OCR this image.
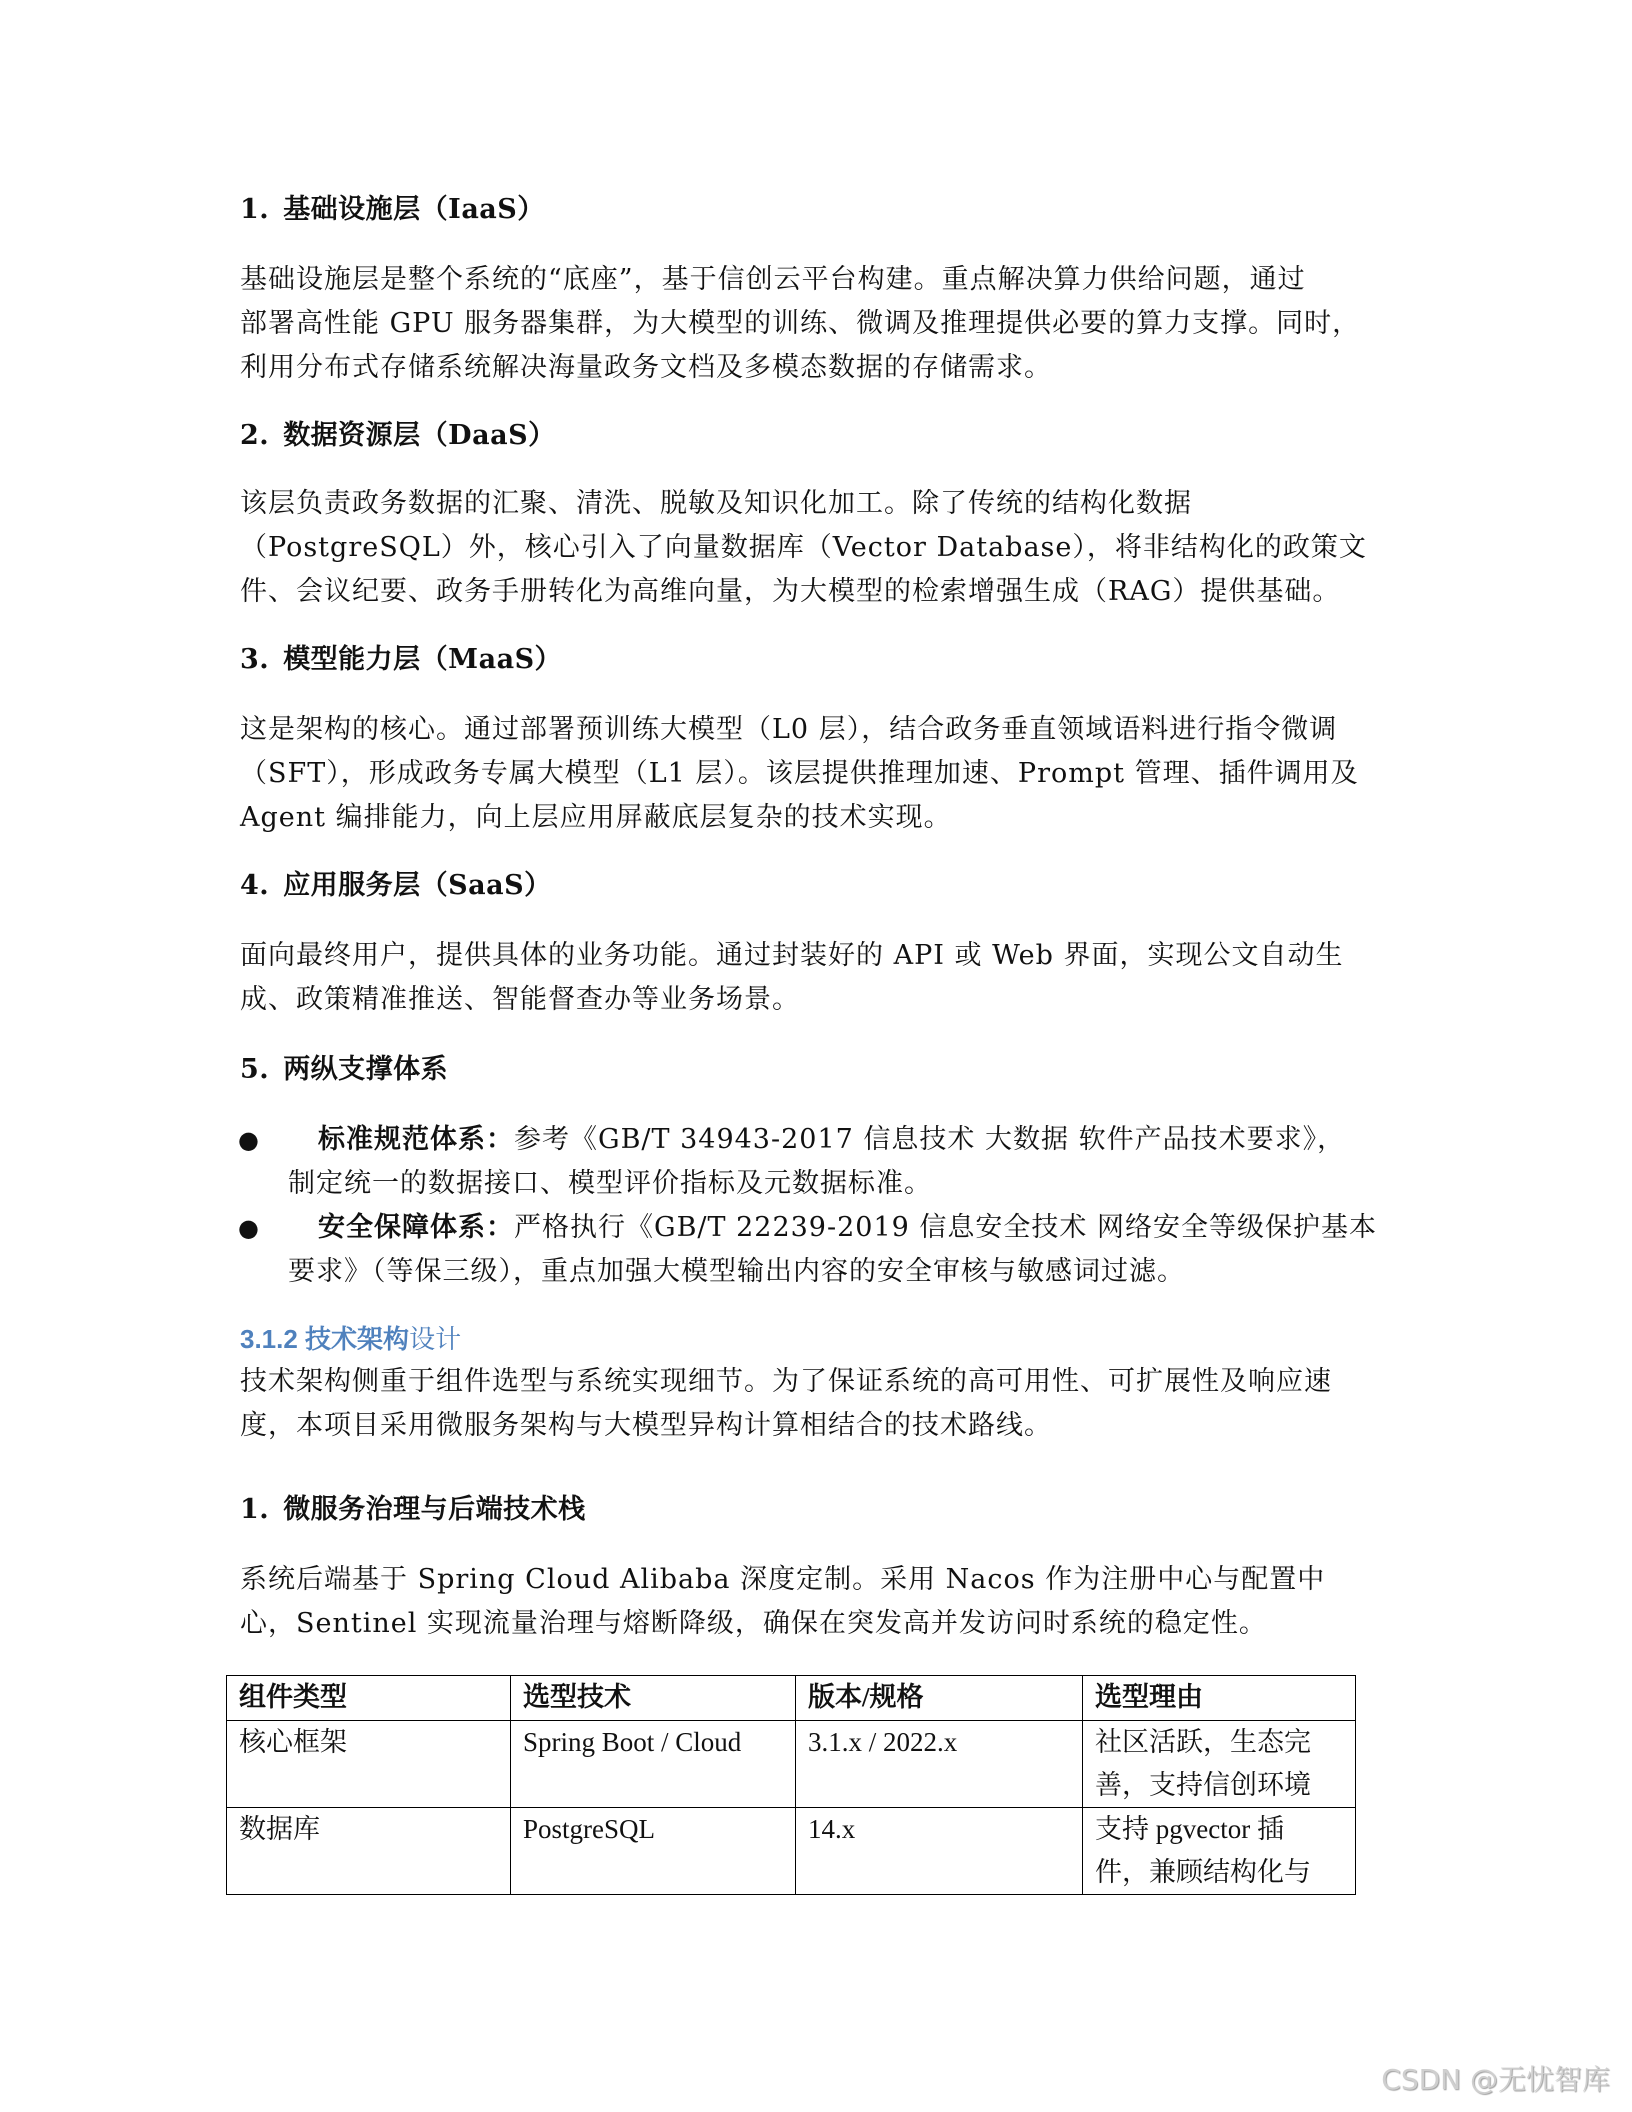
1. 基础设施层（IaaS）
基础设施层是整个系统的“底座”，基于信创云平台构建。重点解决算力供给问题，通过
部署高性能 GPU 服务器集群，为大模型的训练、微调及推理提供必要的算力支撑。同时，
利用分布式存储系统解决海量政务文档及多模态数据的存储需求。
2. 数据资源层（DaaS）
该层负责政务数据的汇聚、清洗、脱敏及知识化加工。除了传统的结构化数据
（PostgreSQL）外，核心引入了向量数据库（Vector Database），将非结构化的政策文
件、会议纪要、政务手册转化为高维向量，为大模型的检索增强生成（RAG）提供基础。
3. 模型能力层（MaaS）
这是架构的核心。通过部署预训练大模型（L0 层），结合政务垂直领域语料进行指令微调
（SFT），形成政务专属大模型（L1 层）。该层提供推理加速、Prompt 管理、插件调用及
Agent 编排能力，向上层应用屏蔽底层复杂的技术实现。
4. 应用服务层（SaaS）
面向最终用户，提供具体的业务功能。通过封装好的 API 或 Web 界面，实现公文自动生
成、政策精准推送、智能督查办等业务场景。
5. 两纵支撑体系
●	标准规范体系：参考《GB/T 34943-2017 信息技术 大数据 软件产品技术要求》，
制定统一的数据接口、模型评价指标及元数据标准。
●	安全保障体系：严格执行《GB/T 22239-2019 信息安全技术 网络安全等级保护基本
要求》（等保三级），重点加强大模型输出内容的安全审核与敏感词过滤。
3.1.2 技术架构设计
技术架构侧重于组件选型与系统实现细节。为了保证系统的高可用性、可扩展性及响应速
度，本项目采用微服务架构与大模型异构计算相结合的技术路线。
1. 微服务治理与后端技术栈
系统后端基于 Spring Cloud Alibaba 深度定制。采用 Nacos 作为注册中心与配置中
心，Sentinel 实现流量治理与熔断降级，确保在突发高并发访问时系统的稳定性。
组件类型	选型技术	版本/规格	选型理由
核心框架	Spring Boot / Cloud	3.1.x / 2022.x	社区活跃，生态完
善，支持信创环境

数据库	PostgreSQL	14.x	支持 pgvector 插
件，兼顾结构化与
CSDN @无忧智库
